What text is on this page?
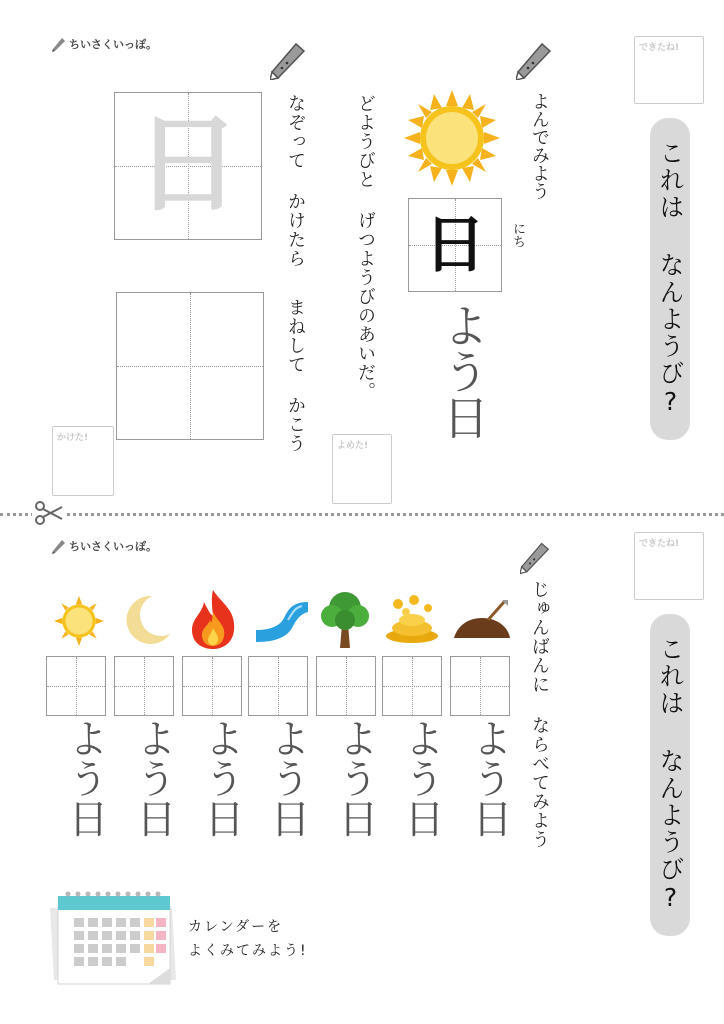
ちいさくいっぽ。	できたね!
これは なんようび?
よんでみよう
日	にち
よう日
どようびと げつようびのあいだ。
なぞって かけたら
まねして かこう
日
かけた!
よめた!
ちいさくいっぽ。	できたね!
これは なんようび?
じゅんばんに ならべてみよう
よう日 よう日 よう日 よう日 よう日 よう日 よう日
カレンダーを
よくみてみよう!
